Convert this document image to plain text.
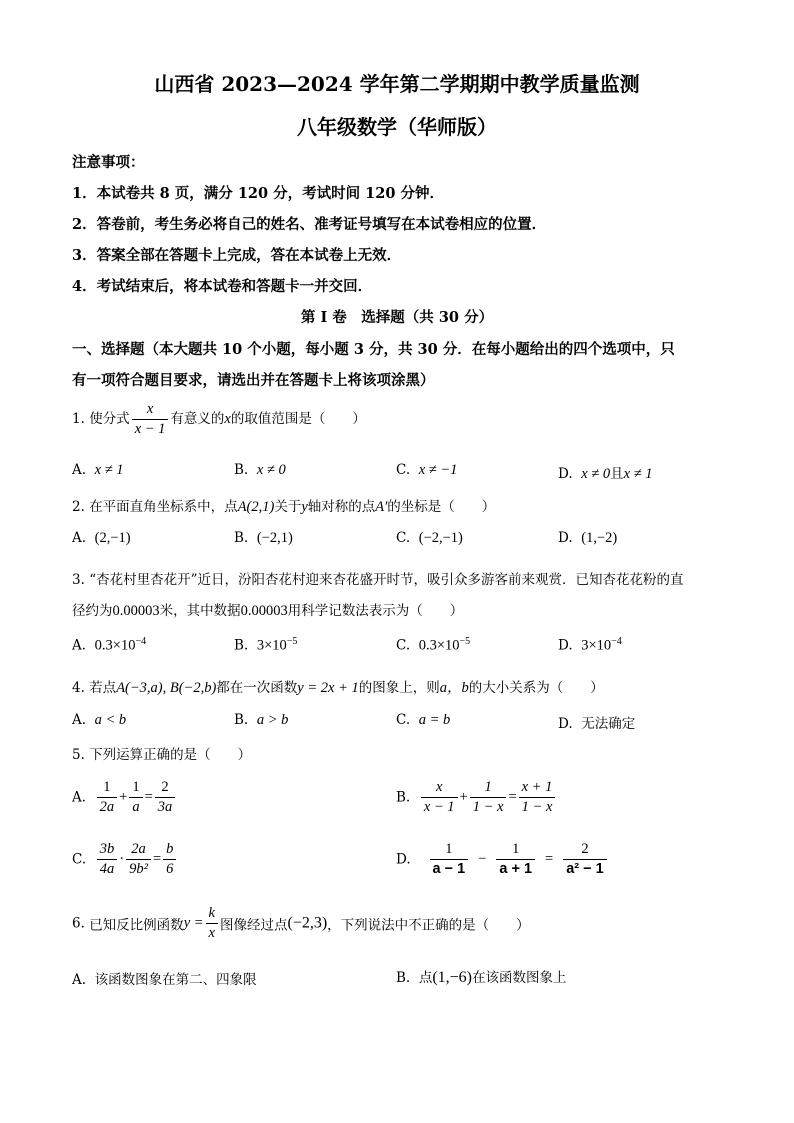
山西省 2023—2024 学年第二学期期中教学质量监测
八年级数学（华师版）
注意事项：
1．本试卷共 8 页，满分 120 分，考试时间 120 分钟．
2．答卷前，考生务必将自己的姓名、准考证号填写在本试卷相应的位置．
3．答案全部在答题卡上完成，答在本试卷上无效．
4．考试结束后，将本试卷和答题卡一并交回．
第 I 卷　选择题（共 30 分）
一、选择题（本大题共 10 个小题，每小题 3 分，共 30 分．在每小题给出的四个选项中，只
有一项符合题目要求，请选出并在答题卡上将该项涂黑）
1. 使分式 $\frac{x}{x - 1}$ 有意义的x的取值范围是（　　）
A. x ≠ 1	B. x ≠ 0	C. x ≠ −1	D. x ≠ 0且x ≠ 1
2. 在平面直角坐标系中，点A(2,1)关于y轴对称的点A′的坐标是（　　）
A. (2,−1)	B. (−2,1)	C. (−2,−1)	D. (1,−2)
3. “杏花村里杏花开”近日，汾阳杏花村迎来杏花盛开时节，吸引众多游客前来观赏．已知杏花花粉的直
径约为0.00003米，其中数据0.00003用科学记数法表示为（　　）
A. $0.3\times 10^{-4}$	B. $3\times 10^{-5}$	C. $0.3\times 10^{-5}$	D. $3\times 10^{-4}$
4. 若点A(−3,a), B(−2,b)都在一次函数y = 2x + 1的图象上，则a，b的大小关系为（　　）
A. a < b	B. a > b	C. a = b	D. 无法确定
5. 下列运算正确的是（　　）
A. $\frac{1}{2a} + \frac{1}{a} = \frac{2}{3a}$	B. $\frac{x}{x - 1} + \frac{1}{1 - x} = \frac{x + 1}{1 - x}$
C. $\frac{3b}{4a} \cdot \frac{2a}{\text{9b²}} = \frac{b}{6}$	D. $\frac{1}{a - 1} - \frac{1}{a + 1} = \frac{2}{\text{a² − 1}}$
6. 已知反比例函数$y = \frac{k}{x}$ 图像经过点(−2,3)，下列说法中不正确的是（　　）
A. 该函数图象在第二、四象限	B. 点(1,−6)在该函数图象上
